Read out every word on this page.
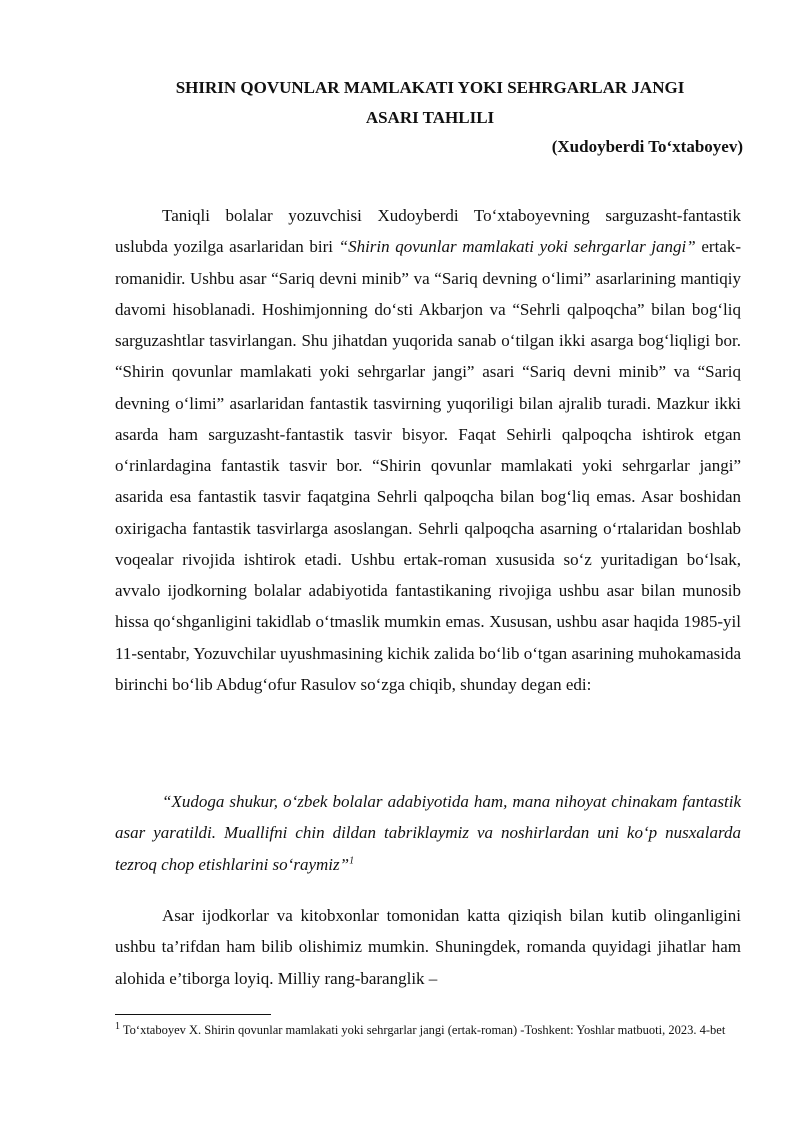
SHIRIN QOVUNLAR MAMLAKATI YOKI SEHRGARLAR JANGI
ASARI TAHLILI
(Xudoyberdi To‘xtaboyev)

Taniqli bolalar yozuvchisi Xudoyberdi To‘xtaboyevning sarguzasht-fantastik uslubda yozilga asarlaridan biri “Shirin qovunlar mamlakati yoki sehrgarlar jangi” ertak-romanidir. Ushbu asar “Sariq devni minib” va “Sariq devning o‘limi” asarlarining mantiqiy davomi hisoblanadi. Hoshimjonning do‘sti Akbarjon va “Sehrli qalpoqcha” bilan bog‘liq sarguzashtlar tasvirlangan. Shu jihatdan yuqorida sanab o‘tilgan ikki asarga bog‘liqligi bor. “Shirin qovunlar mamlakati yoki sehrgarlar jangi” asari “Sariq devni minib” va “Sariq devning o‘limi” asarlaridan fantastik tasvirning yuqoriligi bilan ajralib turadi. Mazkur ikki asarda ham sarguzasht-fantastik tasvir bisyor. Faqat Sehirli qalpoqcha ishtirok etgan o‘rinlardagina fantastik tasvir bor. “Shirin qovunlar mamlakati yoki sehrgarlar jangi” asarida esa fantastik tasvir faqatgina Sehrli qalpoqcha bilan bog‘liq emas. Asar boshidan oxirigacha fantastik tasvirlarga asoslangan. Sehrli qalpoqcha asarning o‘rtalaridan boshlab voqealar rivojida ishtirok etadi. Ushbu ertak-roman xususida so‘z yuritadigan bo‘lsak, avvalo ijodkorning bolalar adabiyotida fantastikaning rivojiga ushbu asar bilan munosib hissa qo‘shganligini takidlab o‘tmaslik mumkin emas. Xususan, ushbu asar haqida 1985-yil 11-sentabr, Yozuvchilar uyushmasining kichik zalida bo‘lib o‘tgan asarining muhokamasida birinchi bo‘lib Abdug‘ofur Rasulov so‘zga chiqib, shunday degan edi:

“Xudoga shukur, o‘zbek bolalar adabiyotida ham, mana nihoyat chinakam fantastik asar yaratildi. Muallifni chin dildan tabriklaymiz va noshirlardan uni ko‘p nusxalarda tezroq chop etishlarini so‘raymiz”$^1$

Asar ijodkorlar va kitobxonlar tomonidan katta qiziqish bilan kutib olinganligini ushbu ta’rifdan ham bilib olishimiz mumkin. Shuningdek, romanda quyidagi jihatlar ham alohida e’tiborga loyiq. Milliy rang-baranglik –

$^1$ To‘xtaboyev X. Shirin qovunlar mamlakati yoki sehrgarlar jangi (ertak-roman) -Toshkent: Yoshlar matbuoti, 2023. 4-bet
